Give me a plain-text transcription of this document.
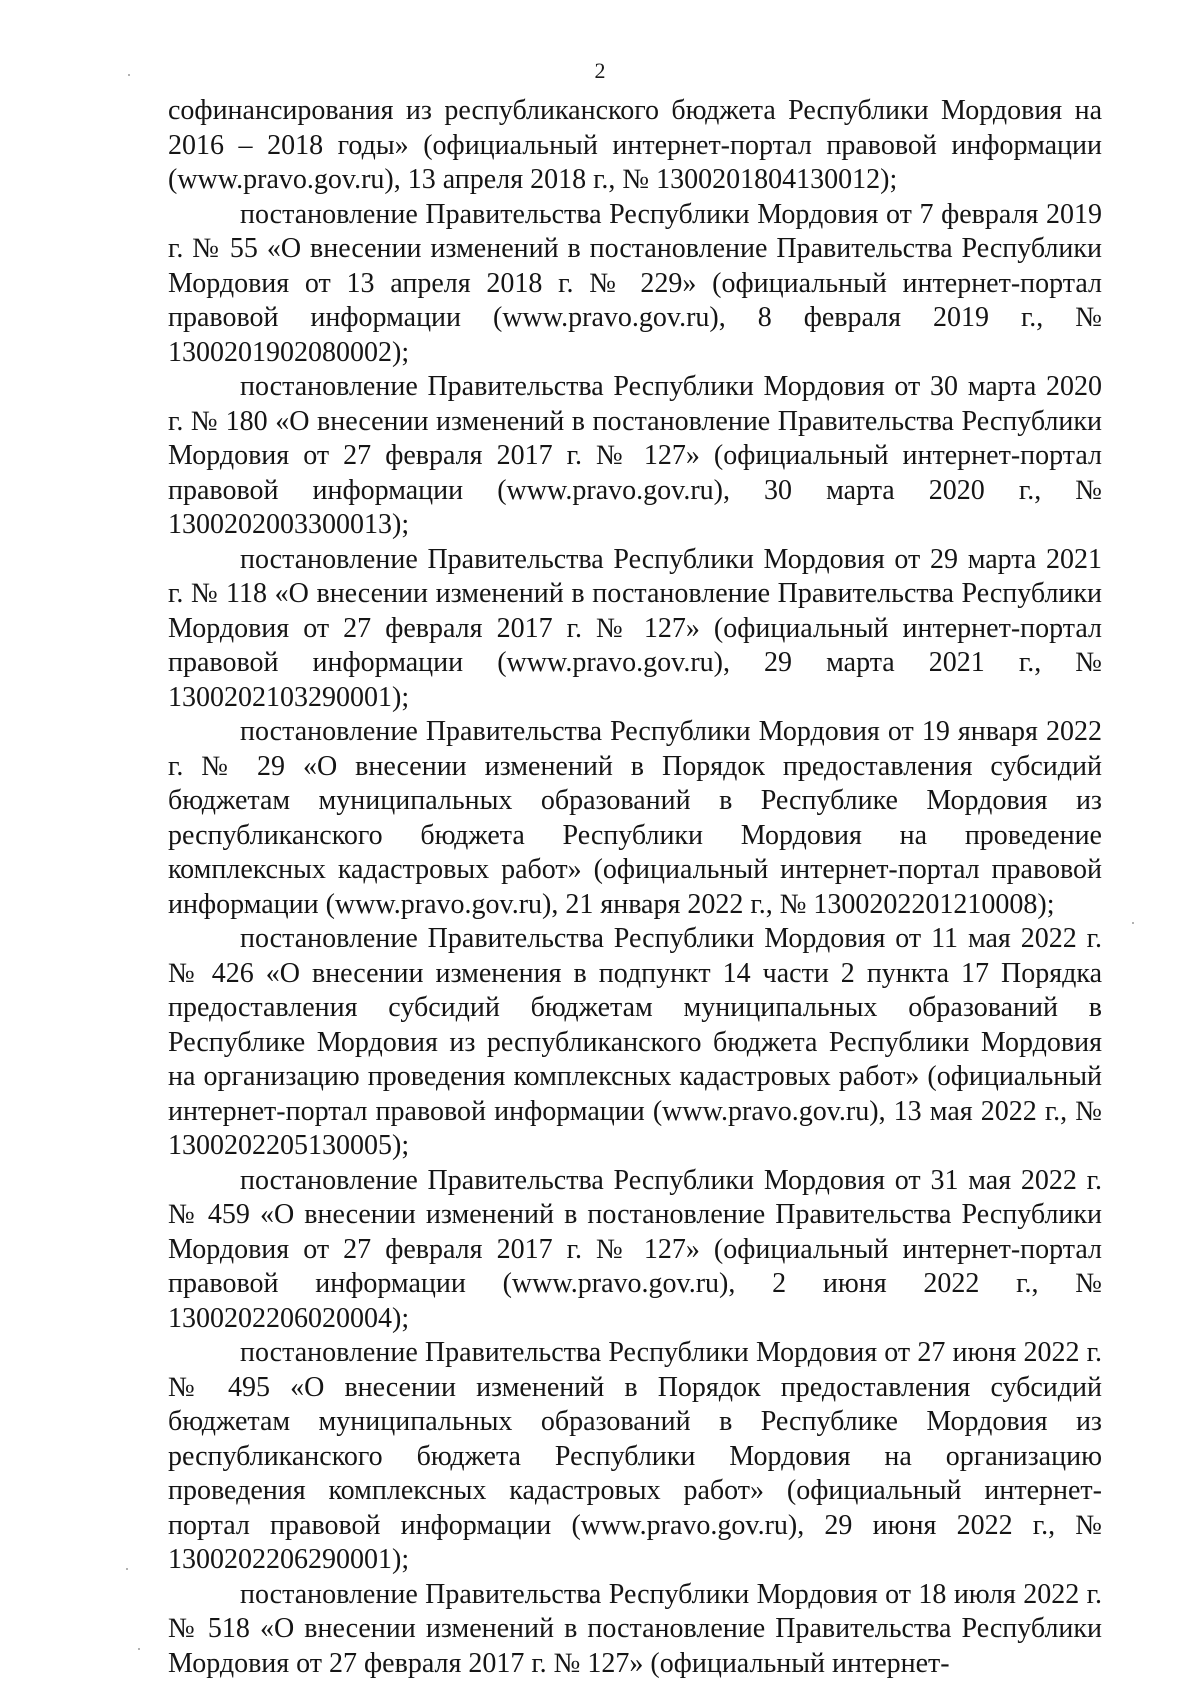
2

софинансирования из республиканского бюджета Республики Мордовия на 2016 – 2018 годы» (официальный интернет-портал правовой информации (www.pravo.gov.ru), 13 апреля 2018 г., № 1300201804130012);

постановление Правительства Республики Мордовия от 7 февраля 2019 г. № 55 «О внесении изменений в постановление Правительства Республики Мордовия от 13 апреля 2018 г. № 229» (официальный интернет-портал правовой информации (www.pravo.gov.ru), 8 февраля 2019 г., № 1300201902080002);

постановление Правительства Республики Мордовия от 30 марта 2020 г. № 180 «О внесении изменений в постановление Правительства Республики Мордовия от 27 февраля 2017 г. № 127» (официальный интернет-портал правовой информации (www.pravo.gov.ru), 30 марта 2020 г., № 1300202003300013);

постановление Правительства Республики Мордовия от 29 марта 2021 г. № 118 «О внесении изменений в постановление Правительства Республики Мордовия от 27 февраля 2017 г. № 127» (официальный интернет-портал правовой информации (www.pravo.gov.ru), 29 марта 2021 г., № 1300202103290001);

постановление Правительства Республики Мордовия от 19 января 2022 г. № 29 «О внесении изменений в Порядок предоставления субсидий бюджетам муниципальных образований в Республике Мордовия из республиканского бюджета Республики Мордовия на проведение комплексных кадастровых работ» (официальный интернет-портал правовой информации (www.pravo.gov.ru), 21 января 2022 г., № 1300202201210008);

постановление Правительства Республики Мордовия от 11 мая 2022 г. № 426 «О внесении изменения в подпункт 14 части 2 пункта 17 Порядка предоставления субсидий бюджетам муниципальных образований в Республике Мордовия из республиканского бюджета Республики Мордовия на организацию проведения комплексных кадастровых работ» (официальный интернет-портал правовой информации (www.pravo.gov.ru), 13 мая 2022 г., № 1300202205130005);

постановление Правительства Республики Мордовия от 31 мая 2022 г. № 459 «О внесении изменений в постановление Правительства Республики Мордовия от 27 февраля 2017 г. № 127» (официальный интернет-портал правовой информации (www.pravo.gov.ru), 2 июня 2022 г., № 1300202206020004);

постановление Правительства Республики Мордовия от 27 июня 2022 г. № 495 «О внесении изменений в Порядок предоставления субсидий бюджетам муниципальных образований в Республике Мордовия из республиканского бюджета Республики Мордовия на организацию проведения комплексных кадастровых работ» (официальный интернет-портал правовой информации (www.pravo.gov.ru), 29 июня 2022 г., № 1300202206290001);

постановление Правительства Республики Мордовия от 18 июля 2022 г. № 518 «О внесении изменений в постановление Правительства Республики Мордовия от 27 февраля 2017 г. № 127» (официальный интернет-
